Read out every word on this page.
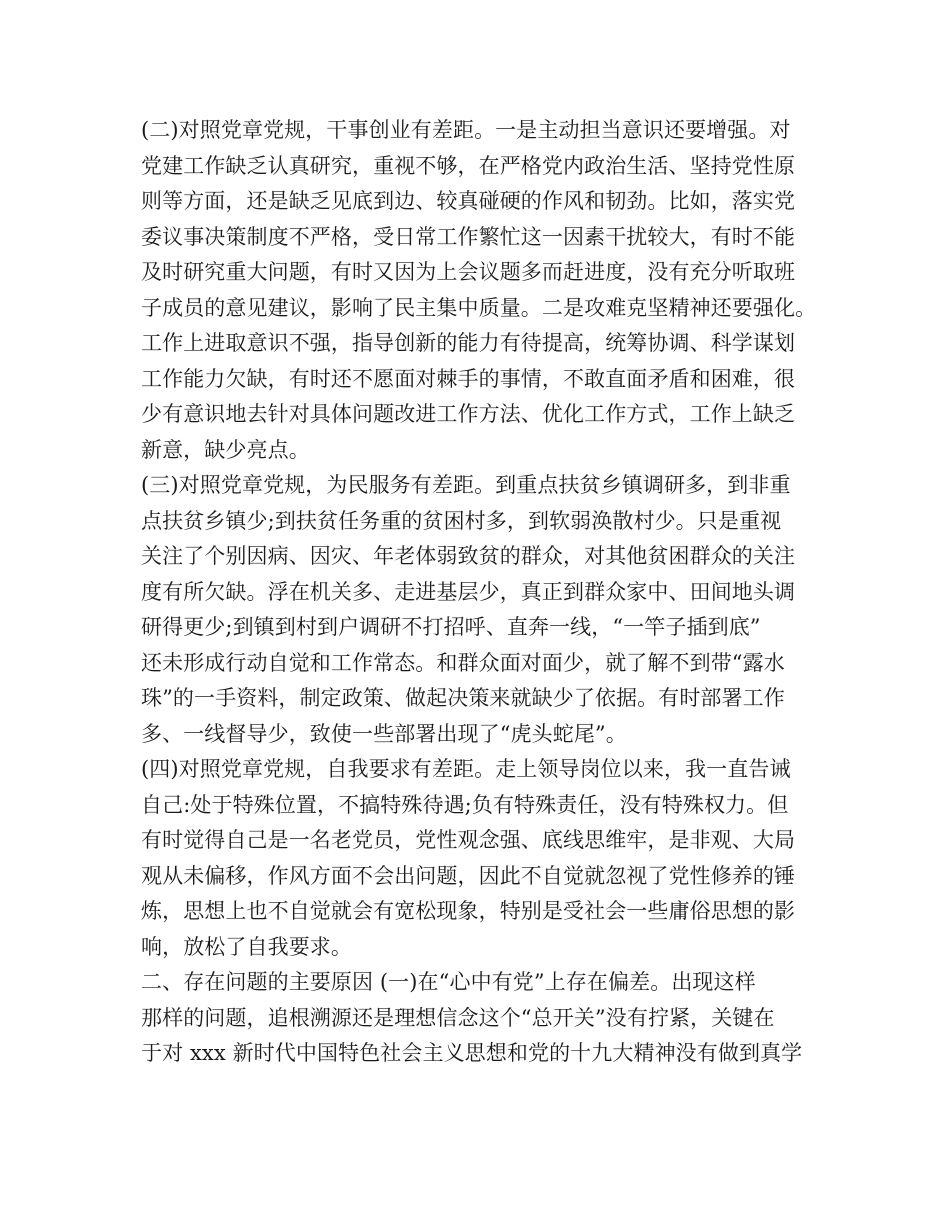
(二)对照党章党规，干事创业有差距。一是主动担当意识还要增强。对
党建工作缺乏认真研究，重视不够，在严格党内政治生活、坚持党性原
则等方面，还是缺乏见底到边、较真碰硬的作风和韧劲。比如，落实党
委议事决策制度不严格，受日常工作繁忙这一因素干扰较大，有时不能
及时研究重大问题，有时又因为上会议题多而赶进度，没有充分听取班
子成员的意见建议，影响了民主集中质量。二是攻难克坚精神还要强化。
工作上进取意识不强，指导创新的能力有待提高，统筹协调、科学谋划
工作能力欠缺，有时还不愿面对棘手的事情，不敢直面矛盾和困难，很
少有意识地去针对具体问题改进工作方法、优化工作方式，工作上缺乏
新意，缺少亮点。
(三)对照党章党规，为民服务有差距。到重点扶贫乡镇调研多，到非重
点扶贫乡镇少;到扶贫任务重的贫困村多，到软弱涣散村少。只是重视
关注了个别因病、因灾、年老体弱致贫的群众，对其他贫困群众的关注
度有所欠缺。浮在机关多、走进基层少，真正到群众家中、田间地头调
研得更少;到镇到村到户调研不打招呼、直奔一线，“一竿子插到底”
还未形成行动自觉和工作常态。和群众面对面少，就了解不到带“露水
珠”的一手资料，制定政策、做起决策来就缺少了依据。有时部署工作
多、一线督导少，致使一些部署出现了“虎头蛇尾”。
(四)对照党章党规，自我要求有差距。走上领导岗位以来，我一直告诫
自己:处于特殊位置，不搞特殊待遇;负有特殊责任，没有特殊权力。但
有时觉得自己是一名老党员，党性观念强、底线思维牢，是非观、大局
观从未偏移，作风方面不会出问题，因此不自觉就忽视了党性修养的锤
炼，思想上也不自觉就会有宽松现象，特别是受社会一些庸俗思想的影
响，放松了自我要求。
二、存在问题的主要原因 (一)在“心中有党”上存在偏差。出现这样
那样的问题，追根溯源还是理想信念这个“总开关”没有拧紧，关键在
于对 xxx 新时代中国特色社会主义思想和党的十九大精神没有做到真学
